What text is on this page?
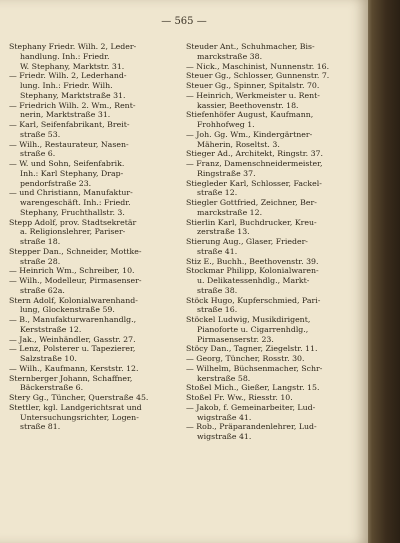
— 565 —
Stephany Friedr. Wilh. 2, Leder-
handlung. Inh.: Friedr.
W. Stephany, Marktstr. 31.
— Friedr. Wilh. 2, Lederhand-
lung. Inh.: Friedr. Wilh.
Stephany, Marktstraße 31.
— Friedrich Wilh. 2. Wm., Rent-
nerin, Marktstraße 31.
— Karl, Seifenfabrikant, Breit-
straße 53.
— Wilh., Restaurateur, Nasen-
straße 6.
— W. und Sohn, Seifenfabrik.
Inh.: Karl Stephany, Drap-
pendorfstraße 23.
— und Christiann, Manufaktur-
warengeschäft. Inh.: Friedr.
Stephany, Fruchthallstr. 3.
Stepp Adolf, prov. Stadtsekretär
a. Religionslehrer, Pariser-
straße 18.
Stepper Dan., Schneider, Mottke-
straße 28.
— Heinrich Wm., Schreiber, 10.
— Wilh., Modelleur, Pirmasenser-
straße 62a.
Stern Adolf, Kolonialwarenhand-
lung, Glockenstraße 59.
— B., Manufakturwarenhandlg.,
Kerststraße 12.
— Jak., Weinhändler, Gasstr. 27.
— Lenz, Polsterer u. Tapezierer,
Salzstraße 10.
— Wilh., Kaufmann, Kerststr. 12.
Sternberger Johann, Schaffner,
Bäckerstraße 6.
Stery Gg., Tüncher, Querstraße 45.
Stettler, kgl. Landgerichtsrat und
Untersuchungsrichter, Logen-
straße 81.
Steuder Ant., Schuhmacher, Bis-
marckstraße 38.
— Nick., Maschinist, Nunnenstr. 16.
Steuer Gg., Schlosser, Gunnenstr. 7.
Steuer Gg., Spinner, Spitalstr. 70.
— Heinrich, Werkmeister u. Rent-
kassier, Beethovenstr. 18.
Stiefenhöfer August, Kaufmann,
Frohhofweg 1.
— Joh. Gg. Wm., Kindergärtner-
Mäherin, Roseltst. 3.
Stieger Ad., Architekt, Ringstr. 37.
— Franz, Damenschneidermeister,
Ringstraße 37.
Stiegleder Karl, Schlosser, Fackel-
straße 12.
Stiegler Gottfried, Zeichner, Ber-
marckstraße 12.
Stierlin Karl, Buchdrucker, Kreu-
zerstraße 13.
Stierung Aug., Glaser, Frieder-
straße 41.
Stiz E., Buchh., Beethovenstr. 39.
Stockmar Philipp, Kolonialwaren-
u. Delikatessenhdlg., Markt-
straße 38.
Stöck Hugo, Kupferschmied, Pari-
straße 16.
Stöckel Ludwig, Musikdirigent,
Pianoforte u. Cigarrenhdlg.,
Pirmasenserstr. 23.
Stöcy Dan., Tagner, Ziegelstr. 11.
— Georg, Tüncher, Rosstr. 30.
— Wilhelm, Büchsenmacher, Schr-
kerstraße 58.
Stoßel Mich., Gießer, Langstr. 15.
Stoßel Fr. Ww., Riesstr. 10.
— Jakob, f. Gemeinarbeiter, Lud-
wigstraße 41.
— Rob., Präparandenlehrer, Lud-
wigstraße 41.
